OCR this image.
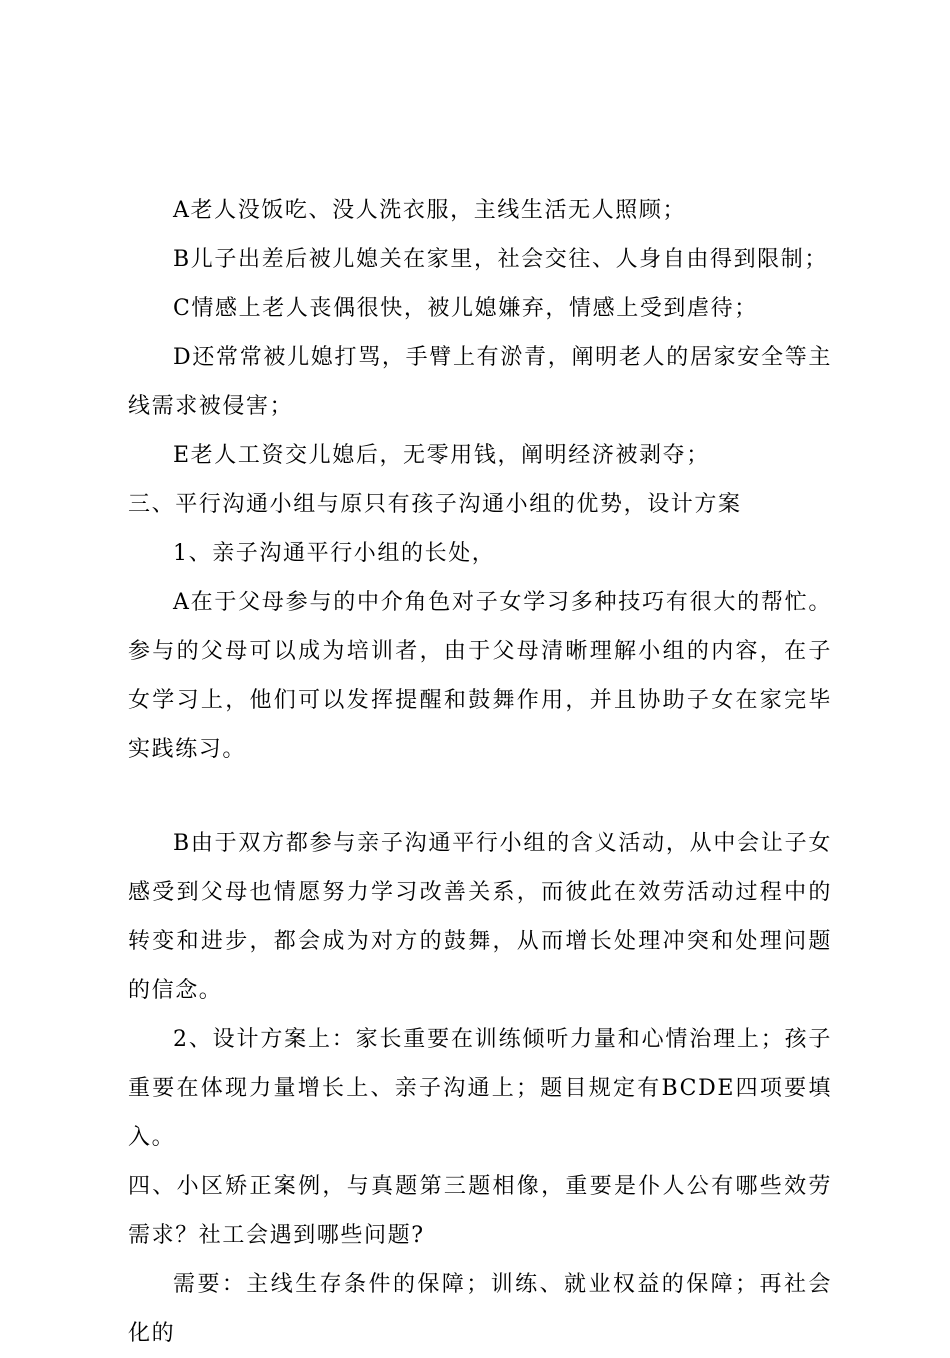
A老人没饭吃、没人洗衣服，主线生活无人照顾；

B儿子出差后被儿媳关在家里，社会交往、人身自由得到限制；

C情感上老人丧偶很快，被儿媳嫌弃，情感上受到虐待；

D还常常被儿媳打骂，手臂上有淤青，阐明老人的居家安全等主线需求被侵害；

E老人工资交儿媳后，无零用钱，阐明经济被剥夺；

三、平行沟通小组与原只有孩子沟通小组的优势，设计方案

1、亲子沟通平行小组的长处，

A在于父母参与的中介角色对子女学习多种技巧有很大的帮忙。参与的父母可以成为培训者，由于父母清晰理解小组的内容，在子女学习上，他们可以发挥提醒和鼓舞作用，并且协助子女在家完毕实践练习。

B由于双方都参与亲子沟通平行小组的含义活动，从中会让子女感受到父母也情愿努力学习改善关系，而彼此在效劳活动过程中的转变和进步，都会成为对方的鼓舞，从而增长处理冲突和处理问题的信念。

2、设计方案上：家长重要在训练倾听力量和心情治理上；孩子重要在体现力量增长上、亲子沟通上；题目规定有BCDE四项要填入。

四、小区矫正案例，与真题第三题相像，重要是仆人公有哪些效劳需求？社工会遇到哪些问题?

需要：主线生存条件的保障；训练、就业权益的保障；再社会化的
